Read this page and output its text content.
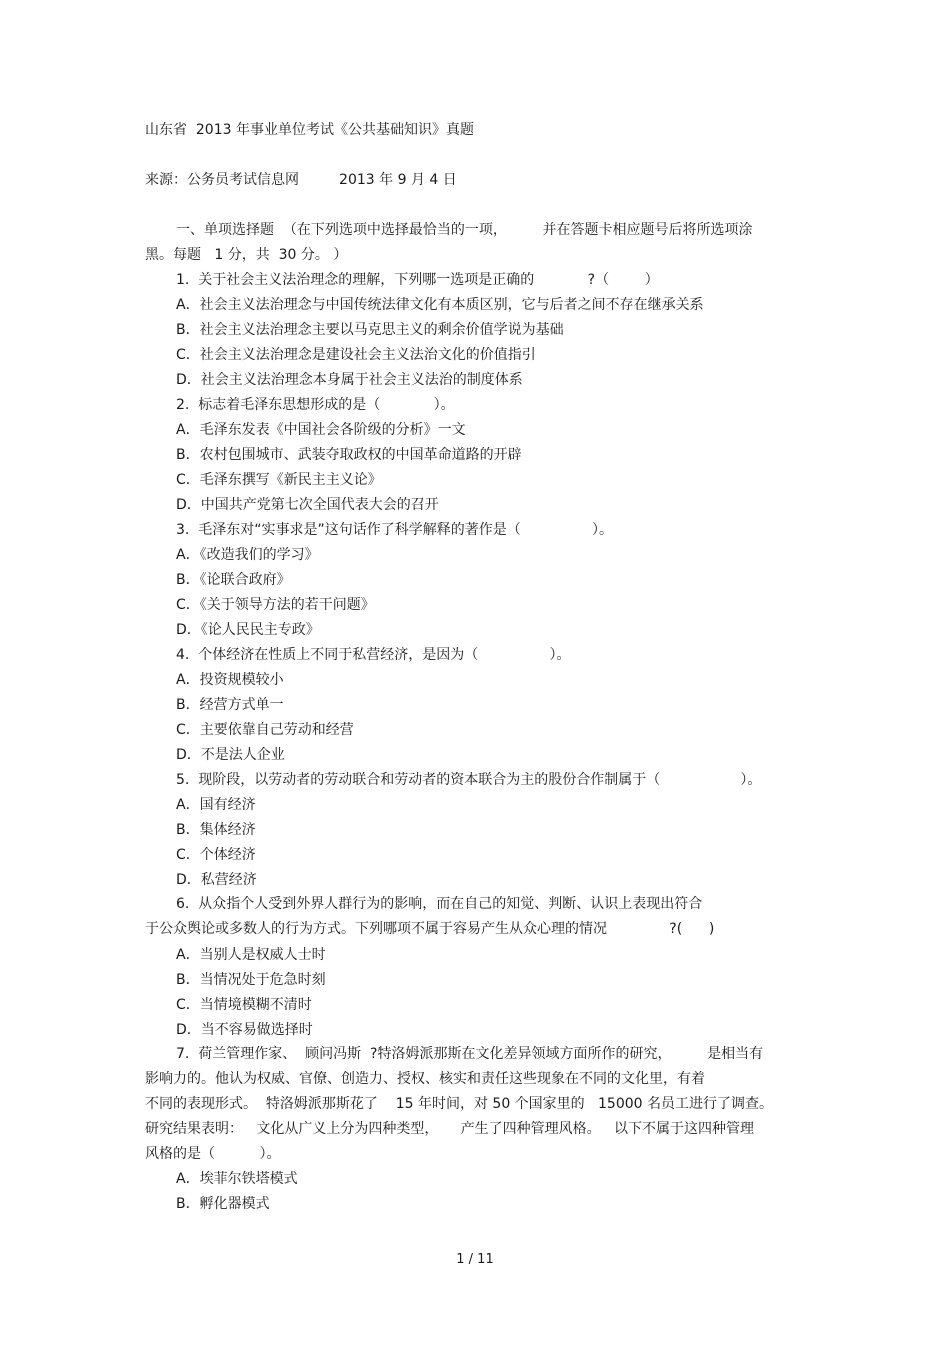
山东省  2013 年事业单位考试《公共基础知识》真题
来源：公务员考试信息网         2013 年 9 月 4 日
一、单项选择题  （在下列选项中选择最恰当的一项，        并在答题卡相应题号后将所选项涂
黑。每题   1 分，共  30 分。 ）
1.  关于社会主义法治理念的理解，下列哪一选项是正确的            ?（        ）
A．社会主义法治理念与中国传统法律文化有本质区别，它与后者之间不存在继承关系
B．社会主义法治理念主要以马克思主义的剩余价值学说为基础
C．社会主义法治理念是建设社会主义法治文化的价值指引
D．社会主义法治理念本身属于社会主义法治的制度体系
2.  标志着毛泽东思想形成的是（            ）。
A．毛泽东发表《中国社会各阶级的分析》一文
B．农村包围城市、武装夺取政权的中国革命道路的开辟
C．毛泽东撰写《新民主主义论》
D．中国共产党第七次全国代表大会的召开
3.  毛泽东对“实事求是”这句话作了科学解释的著作是（                ）。
A．《改造我们的学习》
B．《论联合政府》
C．《关于领导方法的若干问题》
D．《论人民民主专政》
4.  个体经济在性质上不同于私营经济，是因为（                ）。
A．投资规模较小
B．经营方式单一
C．主要依靠自己劳动和经营
D．不是法人企业
5.  现阶段，以劳动者的劳动联合和劳动者的资本联合为主的股份合作制属于（                  ）。
A．国有经济
B．集体经济
C．个体经济
D．私营经济
6.  从众指个人受到外界人群行为的影响，而在自己的知觉、判断、认识上表现出符合
于公众舆论或多数人的行为方式。下列哪项不属于容易产生从众心理的情况              ?(      )
A．当别人是权威人士时
B．当情况处于危急时刻
C．当情境模糊不清时
D．当不容易做选择时
7.  荷兰管理作家、  顾问冯斯  ?特洛姆派那斯在文化差异领域方面所作的研究，        是相当有
影响力的。他认为权威、官僚、创造力、授权、核实和责任这些现象在不同的文化里，有着
不同的表现形式。  特洛姆派那斯花了    15 年时间，对 50 个国家里的   15000 名员工进行了调查。
研究结果表明：   文化从广义上分为四种类型，     产生了四种管理风格。   以下不属于这四种管理
风格的是（          ）。
A．埃菲尔铁塔模式
B．孵化器模式
1 / 11
